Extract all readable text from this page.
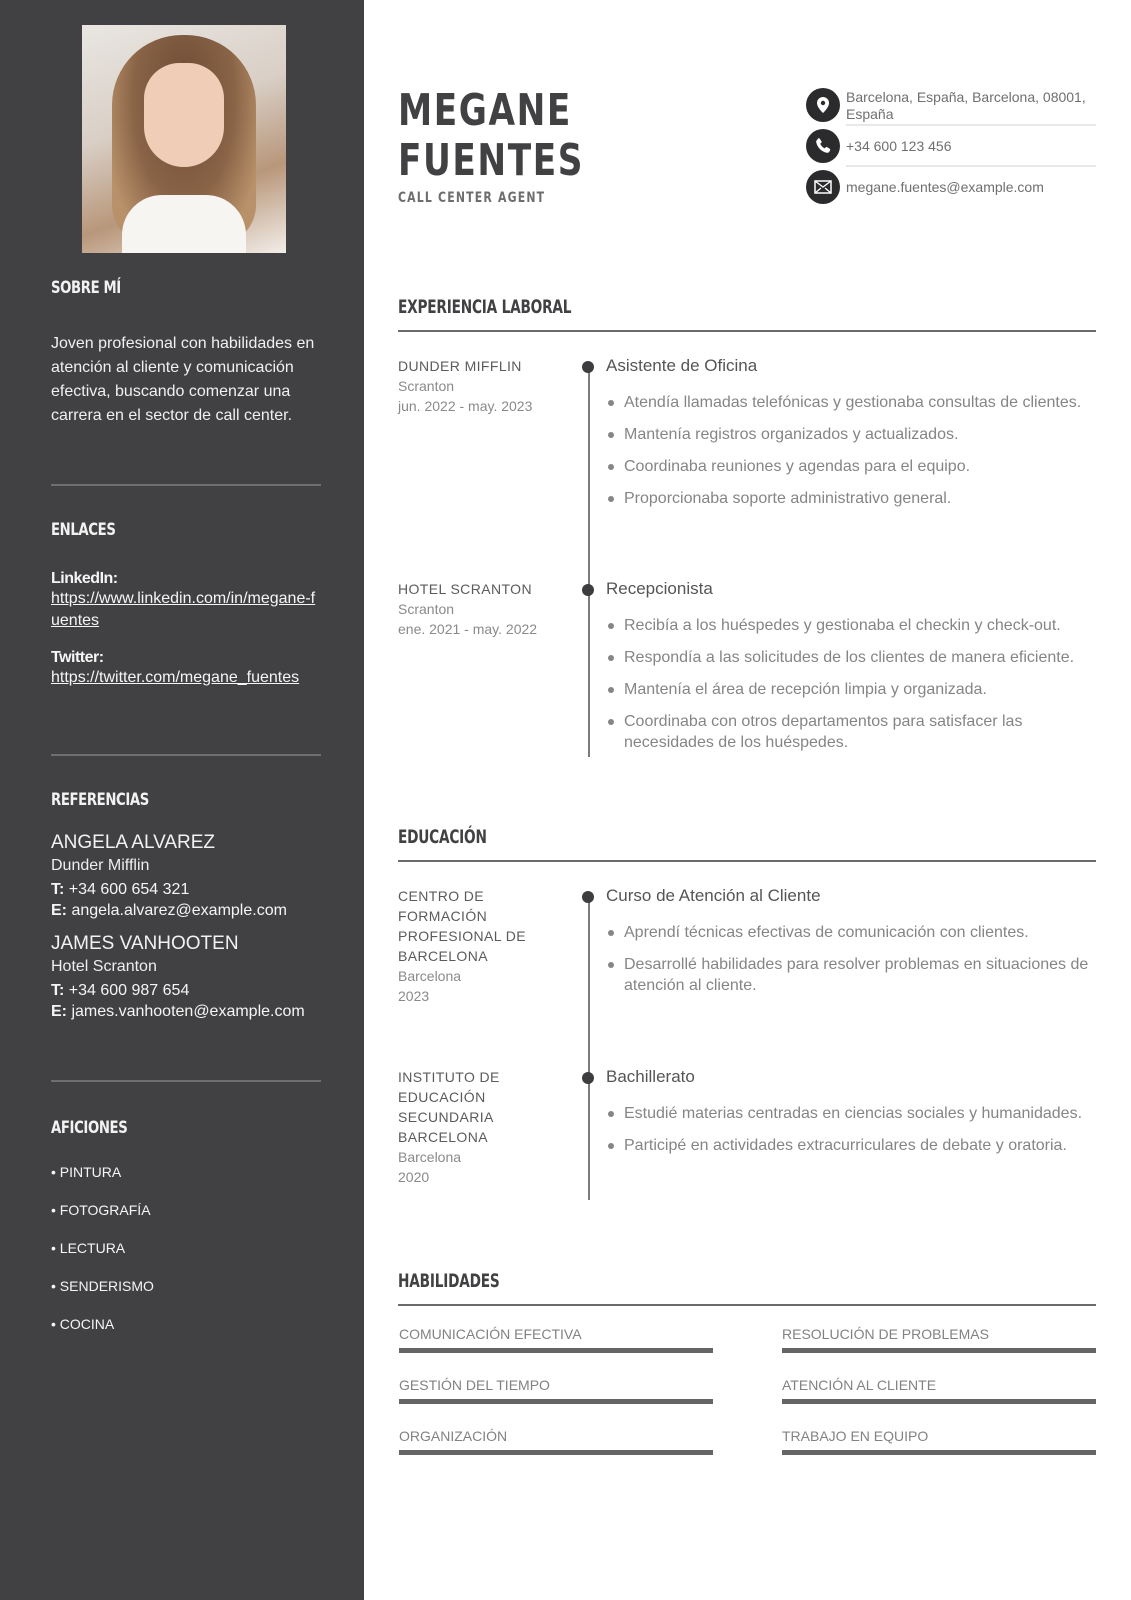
SOBRE MÍ
Joven profesional con habilidades en atención al cliente y comunicación efectiva, buscando comenzar una carrera en el sector de call center.
ENLACES
LinkedIn:
https://www.linkedin.com/in/megane-fuentes
Twitter:
https://twitter.com/megane_fuentes
REFERENCIAS
ANGELA ALVAREZ
Dunder Mifflin
T: +34 600 654 321
E: angela.alvarez@example.com
JAMES VANHOOTEN
Hotel Scranton
T: +34 600 987 654
E: james.vanhooten@example.com
AFICIONES
• PINTURA
• FOTOGRAFÍA
• LECTURA
• SENDERISMO
• COCINA
MEGANE
FUENTES
CALL CENTER AGENT
Barcelona, España, Barcelona, 08001, España
+34 600 123 456
megane.fuentes@example.com
EXPERIENCIA LABORAL
DUNDER MIFFLIN
Scranton
jun. 2022 - may. 2023
Asistente de Oficina
Atendía llamadas telefónicas y gestionaba consultas de clientes.
Mantenía registros organizados y actualizados.
Coordinaba reuniones y agendas para el equipo.
Proporcionaba soporte administrativo general.
HOTEL SCRANTON
Scranton
ene. 2021 - may. 2022
Recepcionista
Recibía a los huéspedes y gestionaba el checkin y check-out.
Respondía a las solicitudes de los clientes de manera eficiente.
Mantenía el área de recepción limpia y organizada.
Coordinaba con otros departamentos para satisfacer las necesidades de los huéspedes.
EDUCACIÓN
CENTRO DE FORMACIÓN PROFESIONAL DE BARCELONA
Barcelona
2023
Curso de Atención al Cliente
Aprendí técnicas efectivas de comunicación con clientes.
Desarrollé habilidades para resolver problemas en situaciones de atención al cliente.
INSTITUTO DE EDUCACIÓN SECUNDARIA BARCELONA
Barcelona
2020
Bachillerato
Estudié materias centradas en ciencias sociales y humanidades.
Participé en actividades extracurriculares de debate y oratoria.
HABILIDADES
COMUNICACIÓN EFECTIVA	RESOLUCIÓN DE PROBLEMAS
GESTIÓN DEL TIEMPO	ATENCIÓN AL CLIENTE
ORGANIZACIÓN	TRABAJO EN EQUIPO
